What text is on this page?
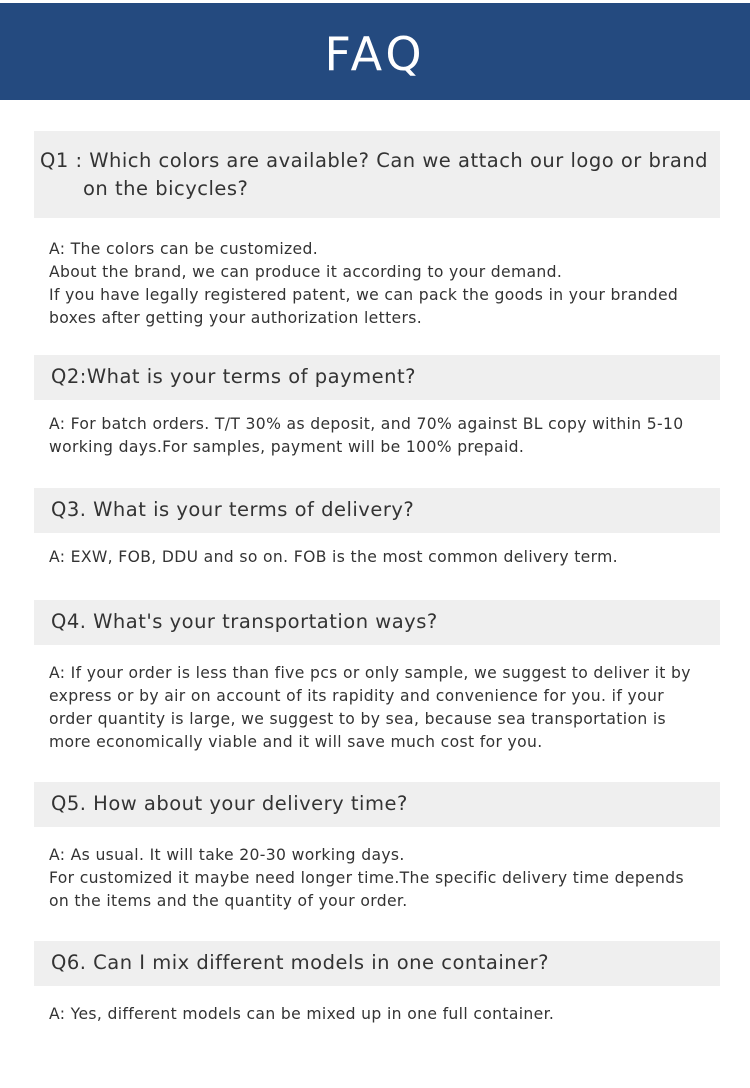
FAQ
Q1 : Which colors are available? Can we attach our logo or brand
on the bicycles?
A: The colors can be customized.
About the brand, we can produce it according to your demand.
If you have legally registered patent, we can pack the goods in your branded
boxes after getting your authorization letters.
Q2:What is your terms of payment?
A: For batch orders. T/T 30% as deposit, and 70% against BL copy within 5-10
working days.For samples, payment will be 100% prepaid.
Q3. What is your terms of delivery?
A: EXW, FOB, DDU and so on. FOB is the most common delivery term.
Q4. What's your transportation ways?
A: If your order is less than five pcs or only sample, we suggest to deliver it by
express or by air on account of its rapidity and convenience for you. if your
order quantity is large, we suggest to by sea, because sea transportation is
more economically viable and it will save much cost for you.
Q5. How about your delivery time?
A: As usual. It will take 20-30 working days.
For customized it maybe need longer time.The specific delivery time depends
on the items and the quantity of your order.
Q6. Can I mix different models in one container?
A: Yes, different models can be mixed up in one full container.
